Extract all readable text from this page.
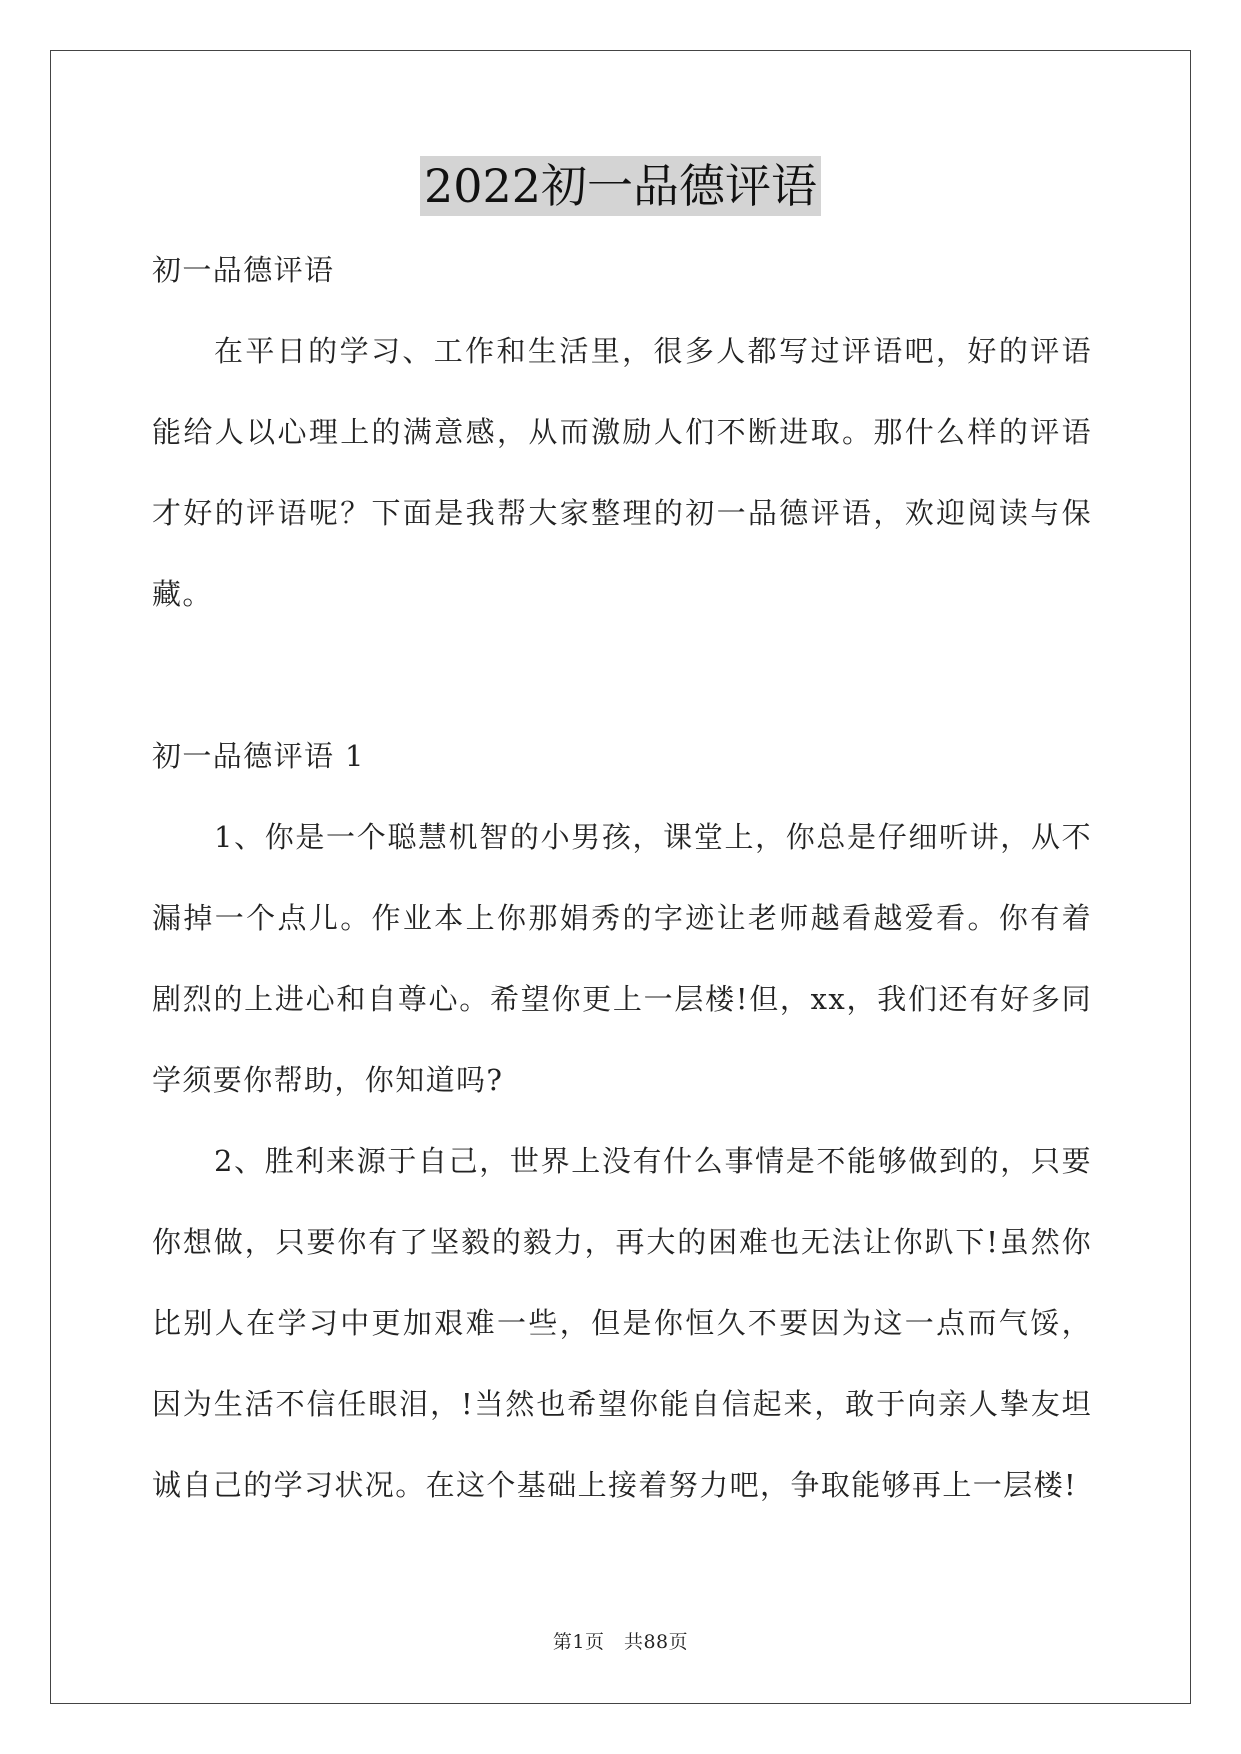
2022初一品德评语

初一品德评语

在平日的学习、工作和生活里，很多人都写过评语吧，好的评语能给人以心理上的满意感，从而激励人们不断进取。那什么样的评语才好的评语呢？下面是我帮大家整理的初一品德评语，欢迎阅读与保藏。

初一品德评语 1

1、你是一个聪慧机智的小男孩，课堂上，你总是仔细听讲，从不漏掉一个点儿。作业本上你那娟秀的字迹让老师越看越爱看。你有着剧烈的上进心和自尊心。希望你更上一层楼!但，xx，我们还有好多同学须要你帮助，你知道吗?

2、胜利来源于自己，世界上没有什么事情是不能够做到的，只要你想做，只要你有了坚毅的毅力，再大的困难也无法让你趴下!虽然你比别人在学习中更加艰难一些，但是你恒久不要因为这一点而气馁，因为生活不信任眼泪，!当然也希望你能自信起来，敢于向亲人挚友坦诚自己的学习状况。在这个基础上接着努力吧，争取能够再上一层楼!

第1页　共88页
